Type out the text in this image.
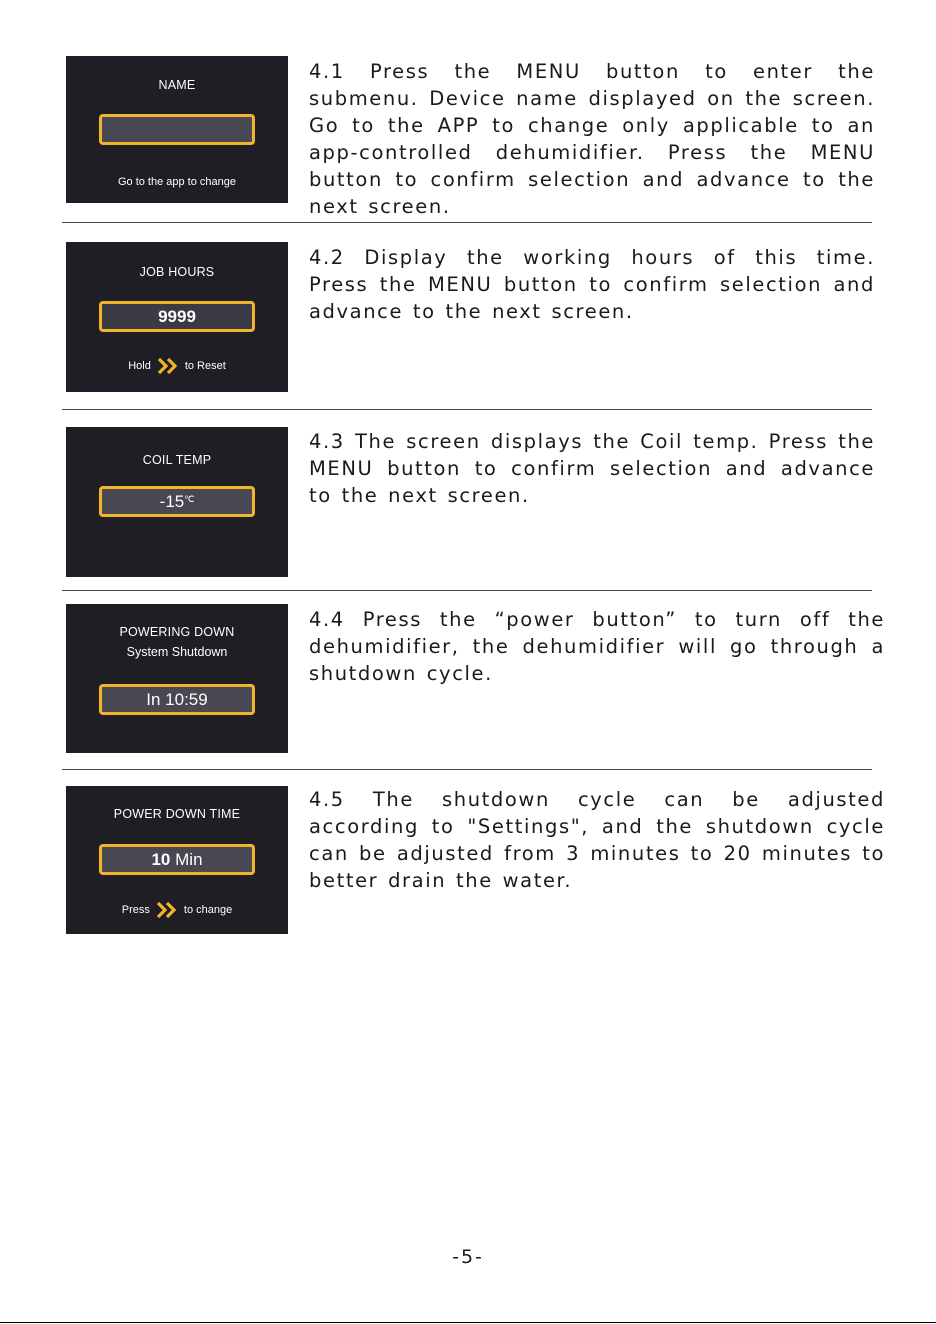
NAME
Go to the app to change
4.1 Press the MENU button to enter the submenu. Device name displayed on the screen. Go to the APP to change only applicable to an app-controlled dehumidifier. Press the MENU button to confirm selection and advance to the next screen.
JOB HOURS
9999
Hold	to Reset
4.2 Display the working hours of this time. Press the MENU button to confirm selection and advance to the next screen.
COIL TEMP
-15℃
4.3 The screen displays the Coil temp. Press the MENU button to confirm selection and advance to the next screen.
POWERING DOWN
System Shutdown
In 10:59
4.4 Press the “power button” to turn off the dehumidifier, the dehumidifier will go through a shutdown cycle.
POWER DOWN TIME
10 Min
Press	to change
4.5 The shutdown cycle can be adjusted according to "Settings", and the shutdown cycle can be adjusted from 3 minutes to 20 minutes to better drain the water.
-5-
